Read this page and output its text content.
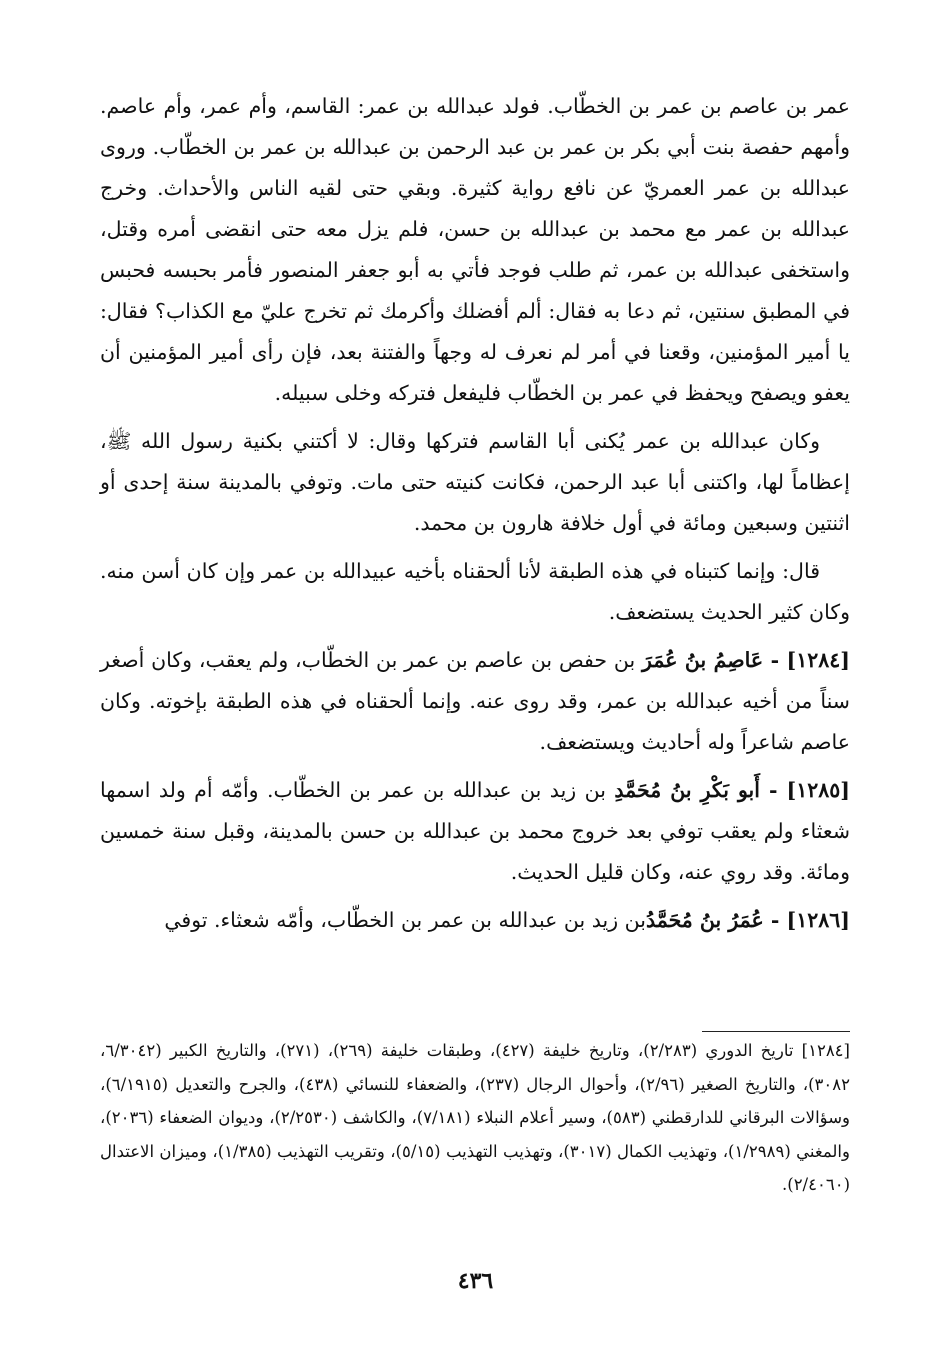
عمر بن عاصم بن عمر بن الخطّاب. فولد عبدالله بن عمر: القاسم، وأم عمر، وأم عاصم. وأمهم حفصة بنت أبي بكر بن عمر بن عبد الرحمن بن عبدالله بن عمر بن الخطّاب. وروى عبدالله بن عمر العمريّ عن نافع رواية كثيرة. وبقي حتى لقيه الناس والأحداث. وخرج عبدالله بن عمر مع محمد بن عبدالله بن حسن، فلم يزل معه حتى انقضى أمره وقتل، واستخفى عبدالله بن عمر، ثم طلب فوجد فأتي به أبو جعفر المنصور فأمر بحبسه فحبس في المطبق سنتين، ثم دعا به فقال: ألم أفضلك وأكرمك ثم تخرج عليّ مع الكذاب؟ فقال: يا أمير المؤمنين، وقعنا في أمر لم نعرف له وجهاً والفتنة بعد، فإن رأى أمير المؤمنين أن يعفو ويصفح ويحفظ في عمر بن الخطّاب فليفعل فتركه وخلى سبيله.

وكان عبدالله بن عمر يُكنى أبا القاسم فتركها وقال: لا أكتني بكنية رسول الله ﷺ، إعظاماً لها، واكتنى أبا عبد الرحمن، فكانت كنيته حتى مات. وتوفي بالمدينة سنة إحدى أو اثنتين وسبعين ومائة في أول خلافة هارون بن محمد.

قال: وإنما كتبناه في هذه الطبقة لأنا ألحقناه بأخيه عبيدالله بن عمر وإن كان أسن منه. وكان كثير الحديث يستضعف.

[١٢٨٤] - عَاصِمُ بنُ عُمَرَ بن حفص بن عاصم بن عمر بن الخطّاب، ولم يعقب، وكان أصغر سناً من أخيه عبدالله بن عمر، وقد روى عنه. وإنما ألحقناه في هذه الطبقة بإخوته. وكان عاصم شاعراً وله أحاديث ويستضعف.

[١٢٨٥] - أَبو بَكْرِ بنُ مُحَمَّدِ بن زيد بن عبدالله بن عمر بن الخطّاب. وأمّه أم ولد اسمها شعثاء ولم يعقب توفي بعد خروج محمد بن عبدالله بن حسن بالمدينة، وقبل سنة خمسين ومائة. وقد روي عنه، وكان قليل الحديث.

[١٢٨٦] - عُمَرُ بنُ مُحَمَّدُبن زيد بن عبدالله بن عمر بن الخطّاب، وأمّه شعثاء. توفي

[١٢٨٤] تاريخ الدوري (٢/٢٨٣)، وتاريخ خليفة (٤٢٧)، وطبقات خليفة (٢٦٩)، (٢٧١)، والتاريخ الكبير (٦/٣٠٤٢، ٣٠٨٢)، والتاريخ الصغير (٢/٩٦)، وأحوال الرجال (٢٣٧)، والضعفاء للنسائي (٤٣٨)، والجرح والتعديل (٦/١٩١٥)، وسؤالات البرقاني للدارقطني (٥٨٣)، وسير أعلام النبلاء (٧/١٨١)، والكاشف (٢/٢٥٣٠)، وديوان الضعفاء (٢٠٣٦)، والمغني (١/٢٩٨٩)، وتهذيب الكمال (٣٠١٧)، وتهذيب التهذيب (٥/١٥)، وتقريب التهذيب (١/٣٨٥)، وميزان الاعتدال (٢/٤٠٦٠).

٤٣٦
